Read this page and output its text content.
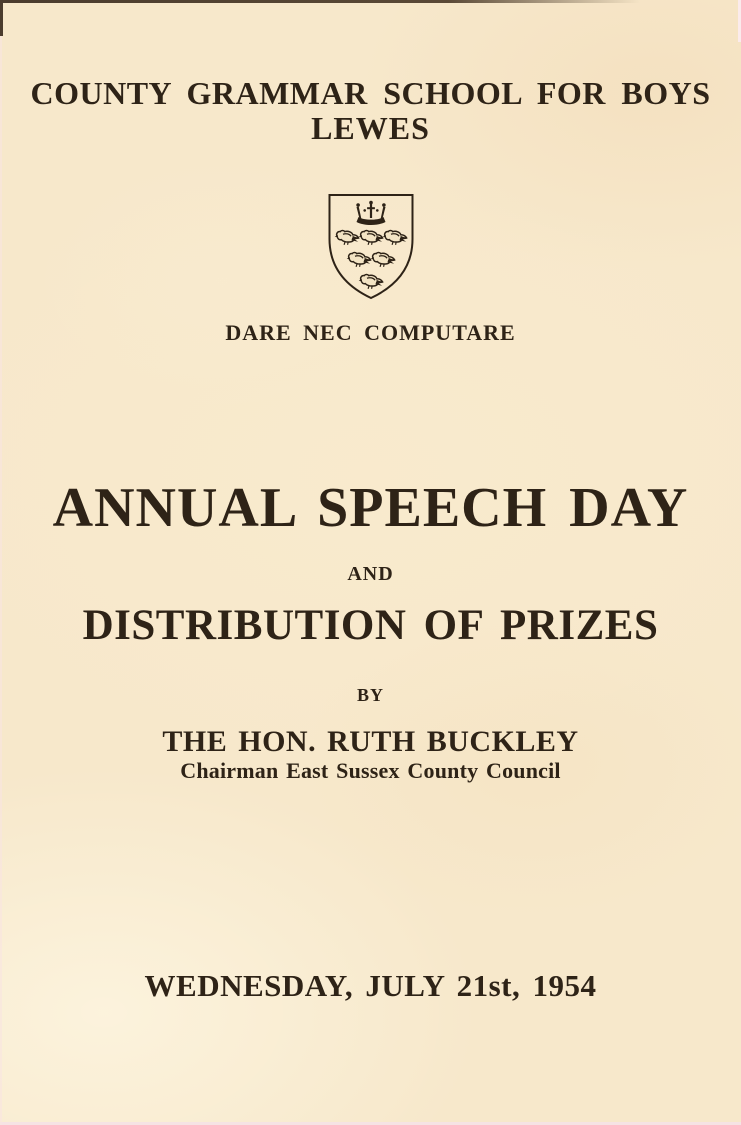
COUNTY GRAMMAR SCHOOL FOR BOYS
LEWES
DARE NEC COMPUTARE
ANNUAL SPEECH DAY
AND
DISTRIBUTION OF PRIZES
BY
THE HON. RUTH BUCKLEY
Chairman East Sussex County Council
WEDNESDAY, JULY 21st, 1954
